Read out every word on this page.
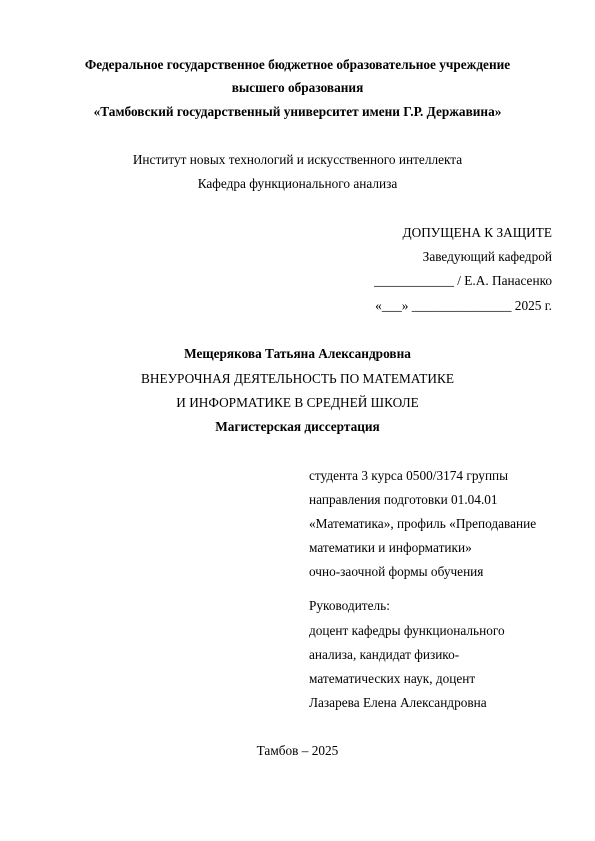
Федеральное государственное бюджетное образовательное учреждение
высшего образования
«Тамбовский государственный университет имени Г.Р. Державина»
Институт новых технологий и искусственного интеллекта
Кафедра функционального анализа
ДОПУЩЕНА К ЗАЩИТЕ
Заведующий кафедрой
____________ / Е.А. Панасенко
«___» _______________ 2025 г.
Мещерякова Татьяна Александровна
ВНЕУРОЧНАЯ ДЕЯТЕЛЬНОСТЬ ПО МАТЕМАТИКЕ
И ИНФОРМАТИКЕ В СРЕДНЕЙ ШКОЛЕ
Магистерская диссертация
студента 3 курса 0500/3174 группы
направления подготовки 01.04.01
«Математика», профиль «Преподавание
математики и информатики»
очно-заочной формы обучения
Руководитель:
доцент кафедры функционального
анализа, кандидат физико-
математических наук, доцент
Лазарева Елена Александровна
Тамбов – 2025
